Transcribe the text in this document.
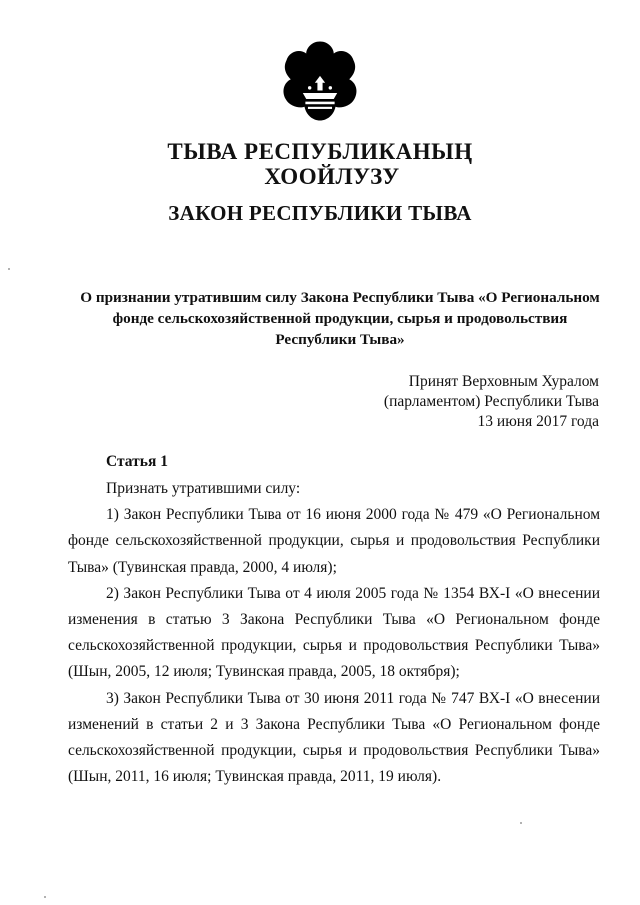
ТЫВА РЕСПУБЛИКАНЫҢ
ХООЙЛУЗУ
ЗАКОН РЕСПУБЛИКИ ТЫВА
О признании утратившим силу Закона Республики Тыва «О Региональном
фонде сельскохозяйственной продукции, сырья и продовольствия
Республики Тыва»
Принят Верховным Хуралом
(парламентом) Республики Тыва
13 июня 2017 года
Статья 1
Признать утратившими силу:
1) Закон Республики Тыва от 16 июня 2000 года № 479 «О Региональном
фонде сельскохозяйственной продукции, сырья и продовольствия Республики
Тыва» (Тувинская правда, 2000, 4 июля);
2) Закон Республики Тыва от 4 июля 2005 года № 1354 ВХ-I «О внесении
изменения в статью 3 Закона Республики Тыва «О Региональном фонде
сельскохозяйственной продукции, сырья и продовольствия Республики Тыва»
(Шын, 2005, 12 июля; Тувинская правда, 2005, 18 октября);
3) Закон Республики Тыва от 30 июня 2011 года № 747 ВХ-I «О внесении
изменений в статьи 2 и 3 Закона Республики Тыва «О Региональном фонде
сельскохозяйственной продукции, сырья и продовольствия Республики Тыва»
(Шын, 2011, 16 июля; Тувинская правда, 2011, 19 июля).
